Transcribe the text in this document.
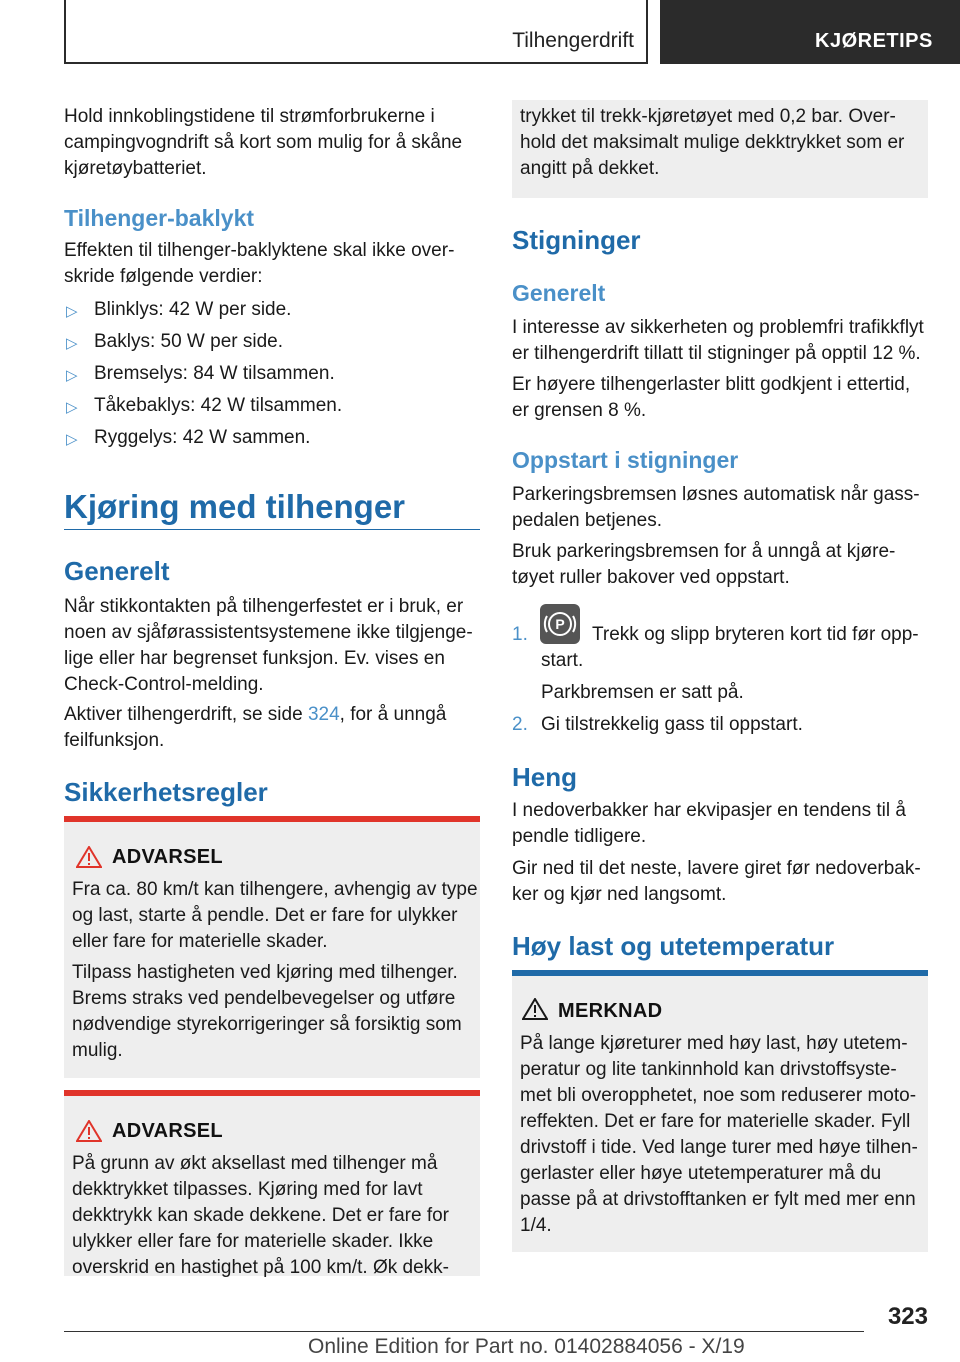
Tilhengerdrift	KJØRETIPS
Hold innkoblingstidene til strømforbrukerne i
campingvogndrift så kort som mulig for å skåne
kjøretøybatteriet.
Tilhenger-baklykt
Effekten til tilhenger-baklyktene skal ikke over-
skride følgende verdier:
▷ Blinklys: 42 W per side.
▷ Baklys: 50 W per side.
▷ Bremselys: 84 W tilsammen.
▷ Tåkebaklys: 42 W tilsammen.
▷ Ryggelys: 42 W sammen.
Kjøring med tilhenger
Generelt
Når stikkontakten på tilhengerfestet er i bruk, er
noen av sjåførassistentsystemene ikke tilgjenge-
lige eller har begrenset funksjon. Ev. vises en
Check-Control-melding.
Aktiver tilhengerdrift, se side 324, for å unngå
feilfunksjon.
Sikkerhetsregler
ADVARSEL
Fra ca. 80 km/t kan tilhengere, avhengig av type
og last, starte å pendle. Det er fare for ulykker
eller fare for materielle skader.
Tilpass hastigheten ved kjøring med tilhenger.
Brems straks ved pendelbevegelser og utføre
nødvendige styrekorrigeringer så forsiktig som
mulig.
ADVARSEL
På grunn av økt aksellast med tilhenger må
dekktrykket tilpasses. Kjøring med for lavt
dekktrykk kan skade dekkene. Det er fare for
ulykker eller fare for materielle skader. Ikke
overskrid en hastighet på 100 km/t. Øk dekk-
trykket til trekk-kjøretøyet med 0,2 bar. Over-
hold det maksimalt mulige dekktrykket som er
angitt på dekket.
Stigninger
Generelt
I interesse av sikkerheten og problemfri trafikkflyt
er tilhengerdrift tillatt til stigninger på opptil 12 %.
Er høyere tilhengerlaster blitt godkjent i ettertid,
er grensen 8 %.
Oppstart i stigninger
Parkeringsbremsen løsnes automatisk når gass-
pedalen betjenes.
Bruk parkeringsbremsen for å unngå at kjøre-
tøyet ruller bakover ved oppstart.
1. P Trekk og slipp bryteren kort tid før opp-
start.
Parkbremsen er satt på.
2. Gi tilstrekkelig gass til oppstart.
Heng
I nedoverbakker har ekvipasjer en tendens til å
pendle tidligere.
Gir ned til det neste, lavere giret før nedoverbak-
ker og kjør ned langsomt.
Høy last og utetemperatur
MERKNAD
På lange kjøreturer med høy last, høy utetem-
peratur og lite tankinnhold kan drivstoffsyste-
met bli overopphetet, noe som reduserer moto-
reffekten. Det er fare for materielle skader. Fyll
drivstoff i tide. Ved lange turer med høye tilhen-
gerlaster eller høye utetemperaturer må du
passe på at drivstofftanken er fylt med mer enn
1/4.
323
Online Edition for Part no. 01402884056 - X/19
